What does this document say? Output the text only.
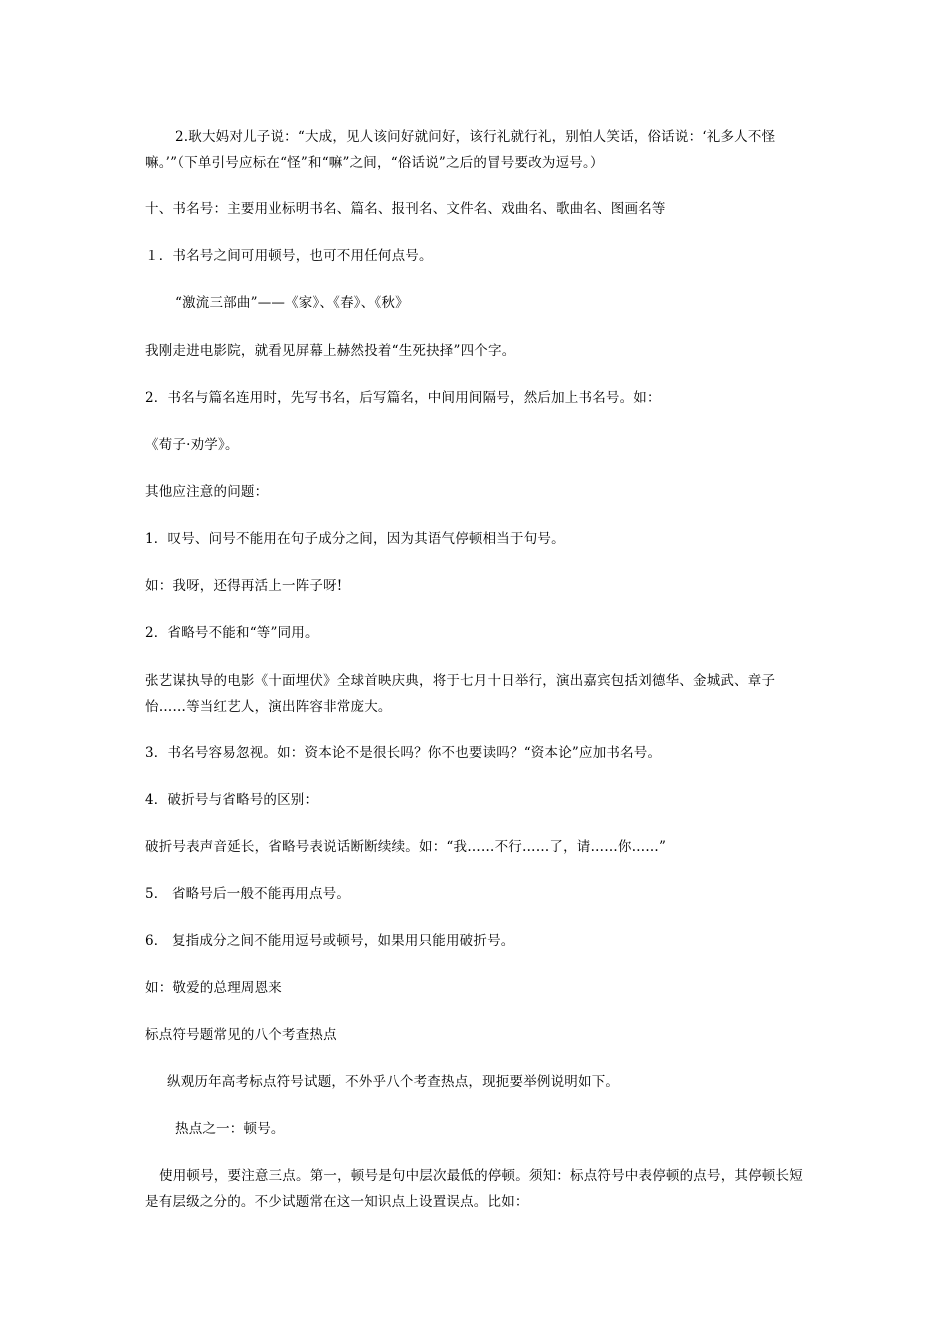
2.耿大妈对儿子说：“大成，见人该问好就问好，该行礼就行礼，别怕人笑话，俗话说：‘礼多人不怪嘛。’”（下单引号应标在“怪”和“嘛”之间，“俗话说”之后的冒号要改为逗号。）
十、书名号：主要用业标明书名、篇名、报刊名、文件名、戏曲名、歌曲名、图画名等
１．书名号之间可用顿号，也可不用任何点号。
“激流三部曲”——《家》、《春》、《秋》
我刚走进电影院，就看见屏幕上赫然投着“生死抉择”四个字。
2．书名与篇名连用时，先写书名，后写篇名，中间用间隔号，然后加上书名号。如：
《荀子·劝学》。
其他应注意的问题：
1．叹号、问号不能用在句子成分之间，因为其语气停顿相当于句号。
如：我呀，还得再活上一阵子呀!
2．省略号不能和“等”同用。
张艺谋执导的电影《十面埋伏》全球首映庆典，将于七月十日举行，演出嘉宾包括刘德华、金城武、章子怡……等当红艺人，演出阵容非常庞大。
3．书名号容易忽视。如：资本论不是很长吗？你不也要读吗？“资本论”应加书名号。
4．破折号与省略号的区别：
破折号表声音延长，省略号表说话断断续续。如：“我……不行……了，请……你……”
5． 省略号后一般不能再用点号。
6． 复指成分之间不能用逗号或顿号，如果用只能用破折号。
如：敬爱的总理周恩来
标点符号题常见的八个考查热点
纵观历年高考标点符号试题，不外乎八个考查热点，现扼要举例说明如下。
热点之一：顿号。
使用顿号，要注意三点。第一，顿号是句中层次最低的停顿。须知：标点符号中表停顿的点号，其停顿长短是有层级之分的。不少试题常在这一知识点上设置误点。比如：
